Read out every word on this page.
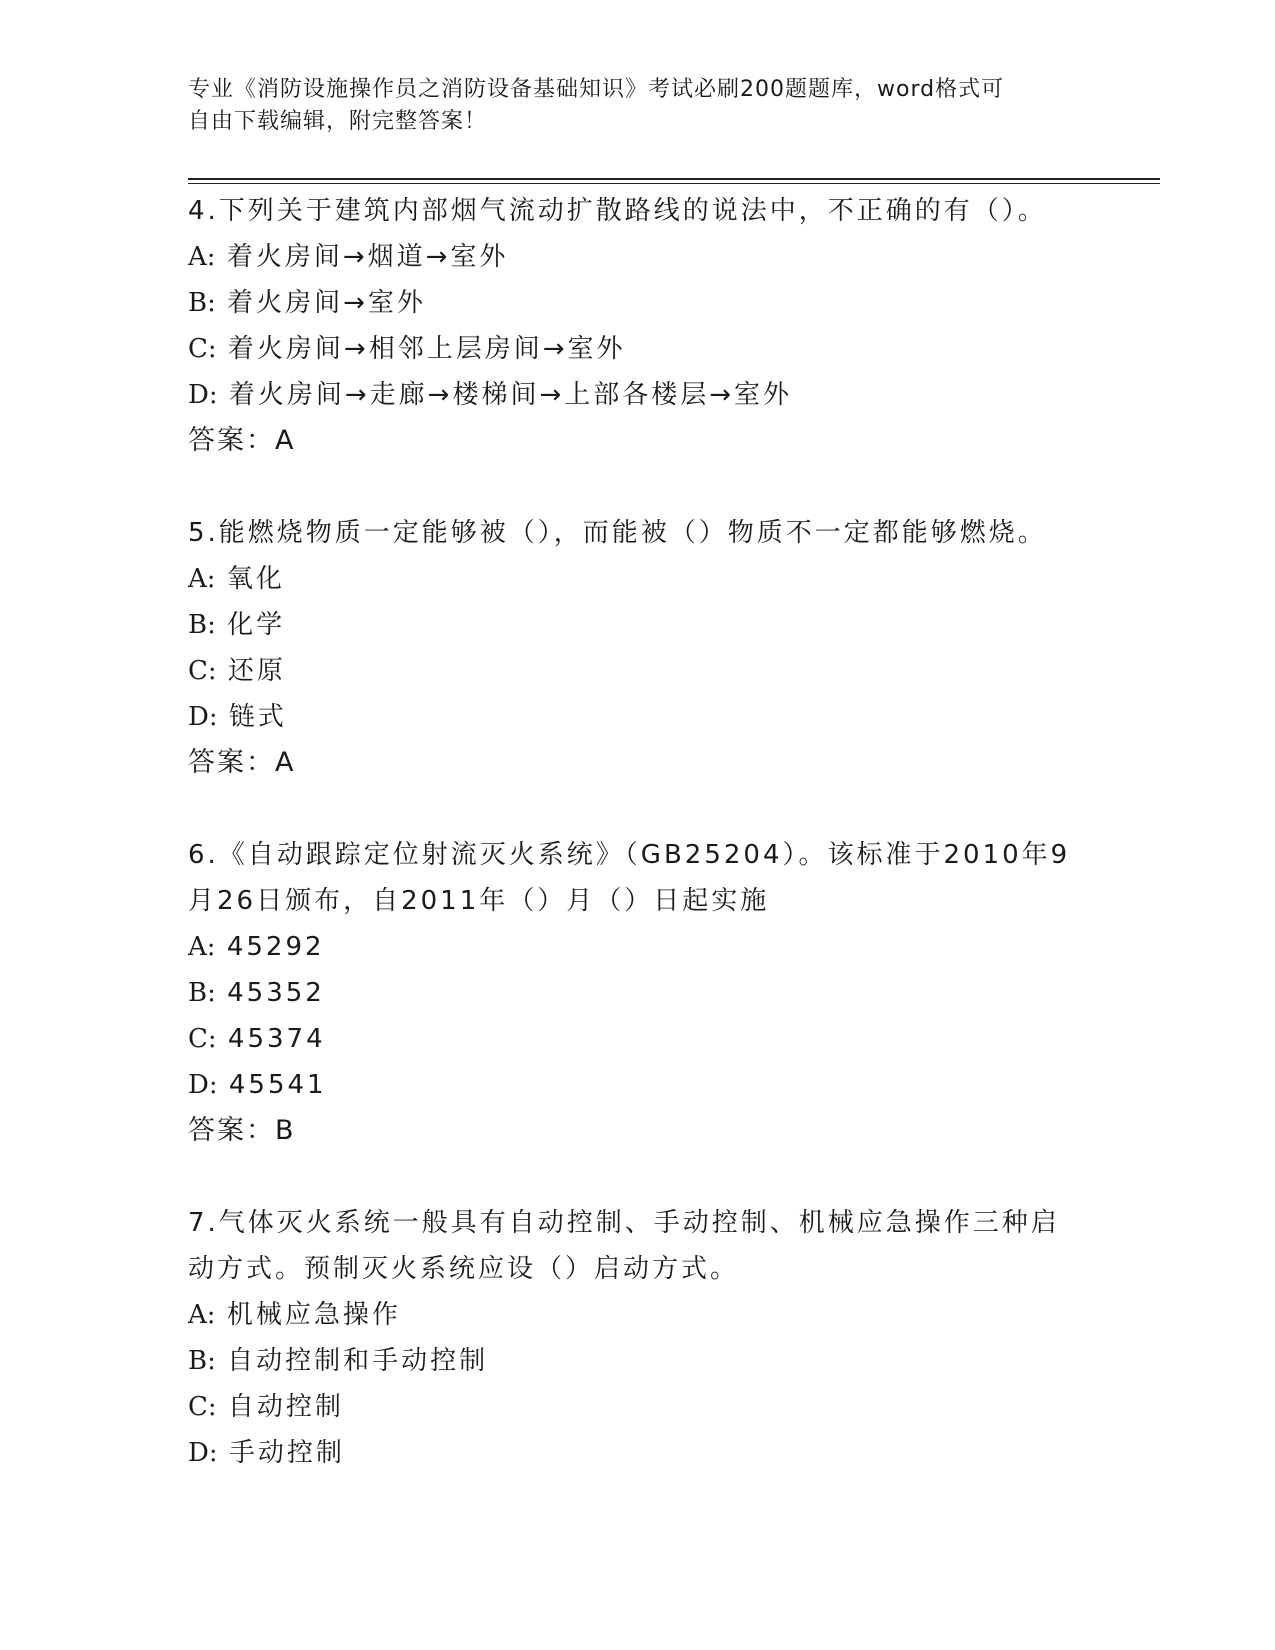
专业《消防设施操作员之消防设备基础知识》考试必刷200题题库，word格式可
自由下载编辑，附完整答案！

4.下列关于建筑内部烟气流动扩散路线的说法中，不正确的有（）。

A: 着火房间→烟道→室外

B: 着火房间→室外

C: 着火房间→相邻上层房间→室外

D: 着火房间→走廊→楼梯间→上部各楼层→室外

答案：A

5.能燃烧物质一定能够被（），而能被（）物质不一定都能够燃烧。

A: 氧化

B: 化学

C: 还原

D: 链式

答案：A

6.《自动跟踪定位射流灭火系统》（GB25204）。该标准于2010年9

月26日颁布，自2011年（）月（）日起实施

A: 45292

B: 45352

C: 45374

D: 45541

答案：B

7.气体灭火系统一般具有自动控制、手动控制、机械应急操作三种启

动方式。预制灭火系统应设（）启动方式。

A: 机械应急操作

B: 自动控制和手动控制

C: 自动控制

D: 手动控制
